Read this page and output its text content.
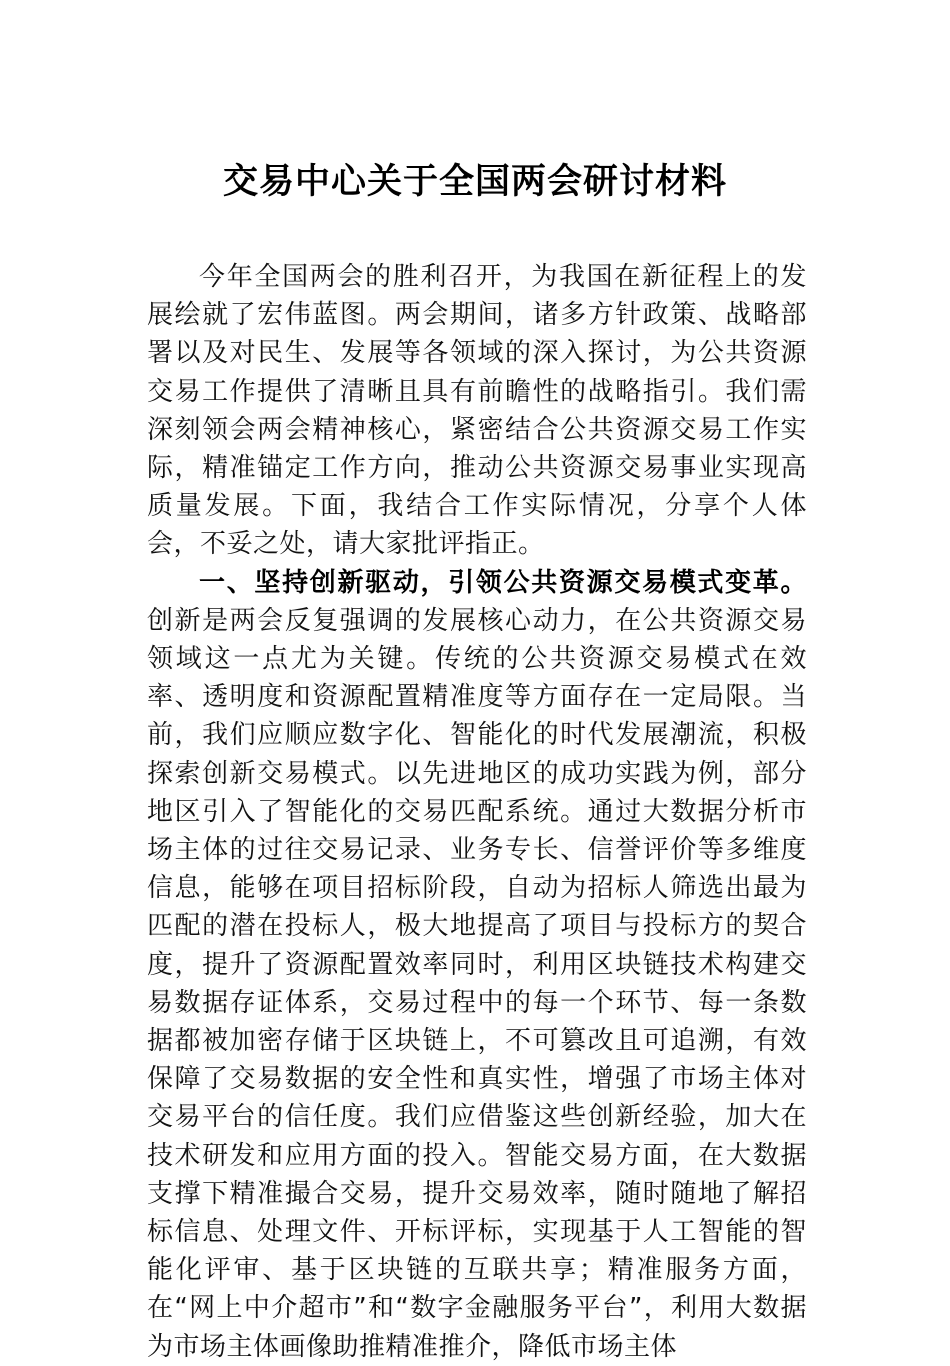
交易中心关于全国两会研讨材料

今年全国两会的胜利召开，为我国在新征程上的发展绘就了宏伟蓝图。两会期间，诸多方针政策、战略部署以及对民生、发展等各领域的深入探讨，为公共资源交易工作提供了清晰且具有前瞻性的战略指引。我们需深刻领会两会精神核心，紧密结合公共资源交易工作实际，精准锚定工作方向，推动公共资源交易事业实现高质量发展。下面，我结合工作实际情况，分享个人体会，不妥之处，请大家批评指正。

一、坚持创新驱动，引领公共资源交易模式变革。创新是两会反复强调的发展核心动力，在公共资源交易领域这一点尤为关键。传统的公共资源交易模式在效率、透明度和资源配置精准度等方面存在一定局限。当前，我们应顺应数字化、智能化的时代发展潮流，积极探索创新交易模式。以先进地区的成功实践为例，部分地区引入了智能化的交易匹配系统。通过大数据分析市场主体的过往交易记录、业务专长、信誉评价等多维度信息，能够在项目招标阶段，自动为招标人筛选出最为匹配的潜在投标人，极大地提高了项目与投标方的契合度，提升了资源配置效率同时，利用区块链技术构建交易数据存证体系，交易过程中的每一个环节、每一条数据都被加密存储于区块链上，不可篡改且可追溯，有效保障了交易数据的安全性和真实性，增强了市场主体对交易平台的信任度。我们应借鉴这些创新经验，加大在技术研发和应用方面的投入。智能交易方面，在大数据支撑下精准撮合交易，提升交易效率，随时随地了解招标信息、处理文件、开标评标，实现基于人工智能的智能化评审、基于区块链的互联共享；精准服务方面，在“网上中介超市”和“数字金融服务平台”，利用大数据为市场主体画像助推精准推介，降低市场主体
